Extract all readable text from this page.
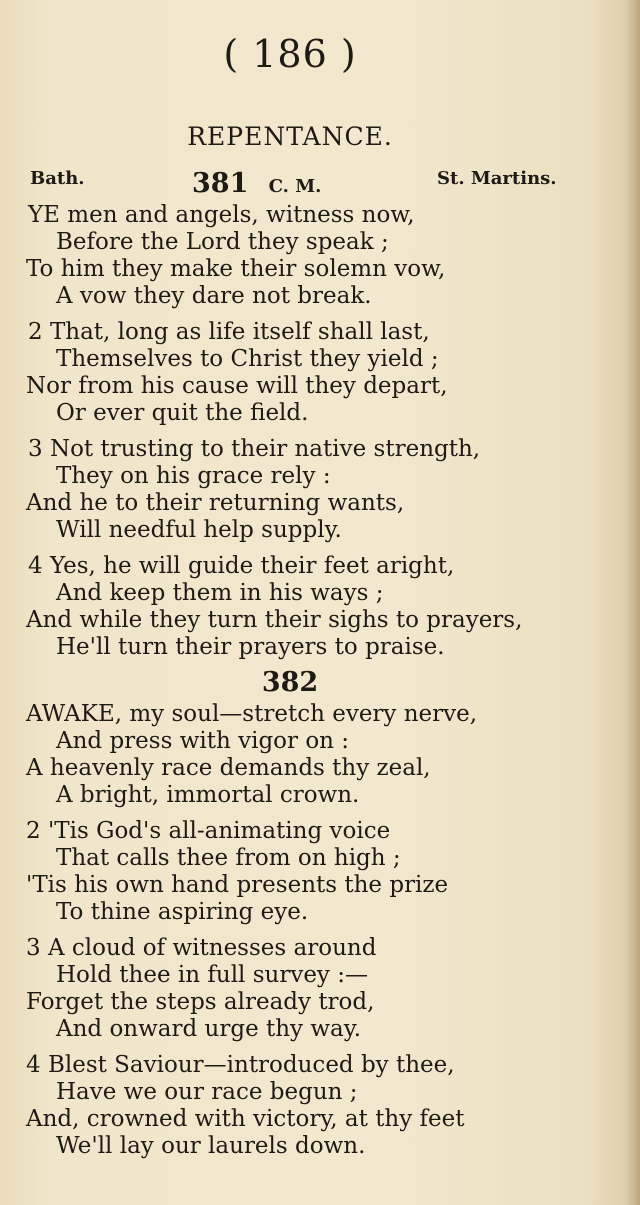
( 186 )
REPENTANCE.
Bath.	381 C. M.	St. Martins.
YE men and angels, witness now,
Before the Lord they speak ;
To him they make their solemn vow,
A vow they dare not break.
2 That, long as life itself shall last,
Themselves to Christ they yield ;
Nor from his cause will they depart,
Or ever quit the field.
3 Not trusting to their native strength,
They on his grace rely :
And he to their returning wants,
Will needful help supply.
4 Yes, he will guide their feet aright,
And keep them in his ways ;
And while they turn their sighs to prayers,
He'll turn their prayers to praise.
382
AWAKE, my soul—stretch every nerve,
And press with vigor on :
A heavenly race demands thy zeal,
A bright, immortal crown.
2 'Tis God's all-animating voice
That calls thee from on high ;
'Tis his own hand presents the prize
To thine aspiring eye.
3 A cloud of witnesses around
Hold thee in full survey :—
Forget the steps already trod,
And onward urge thy way.
4 Blest Saviour—introduced by thee,
Have we our race begun ;
And, crowned with victory, at thy feet
We'll lay our laurels down.
